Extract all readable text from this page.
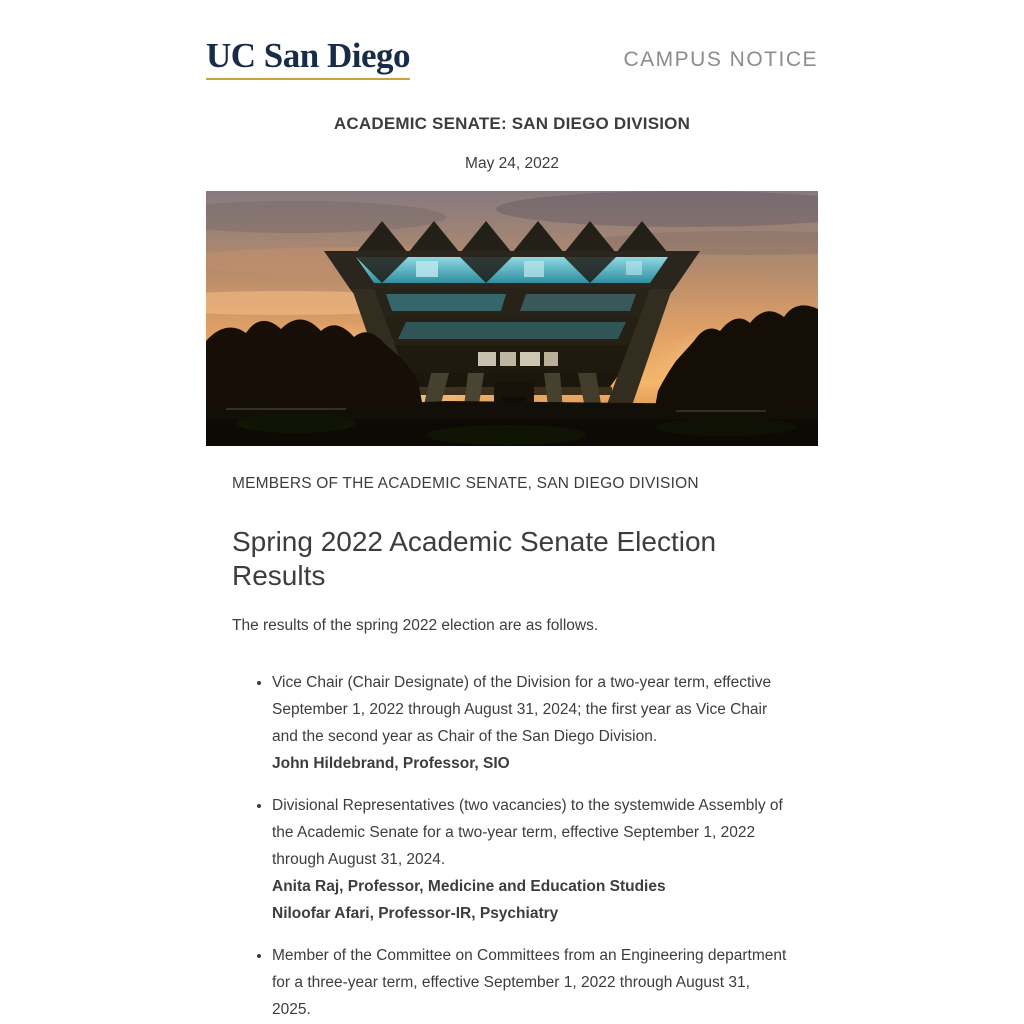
UC San Diego	CAMPUS NOTICE
ACADEMIC SENATE: SAN DIEGO DIVISION
May 24, 2022

MEMBERS OF THE ACADEMIC SENATE, SAN DIEGO DIVISION

Spring 2022 Academic Senate Election Results

The results of the spring 2022 election are as follows.

• Vice Chair (Chair Designate) of the Division for a two-year term, effective September 1, 2022 through August 31, 2024; the first year as Vice Chair and the second year as Chair of the San Diego Division.

John Hildebrand, Professor, SIO

• Divisional Representatives (two vacancies) to the systemwide Assembly of the Academic Senate for a two-year term, effective September 1, 2022 through August 31, 2024.

Anita Raj, Professor, Medicine and Education Studies
Niloofar Afari, Professor-IR, Psychiatry

• Member of the Committee on Committees from an Engineering department for a three-year term, effective September 1, 2022 through August 31, 2025.
